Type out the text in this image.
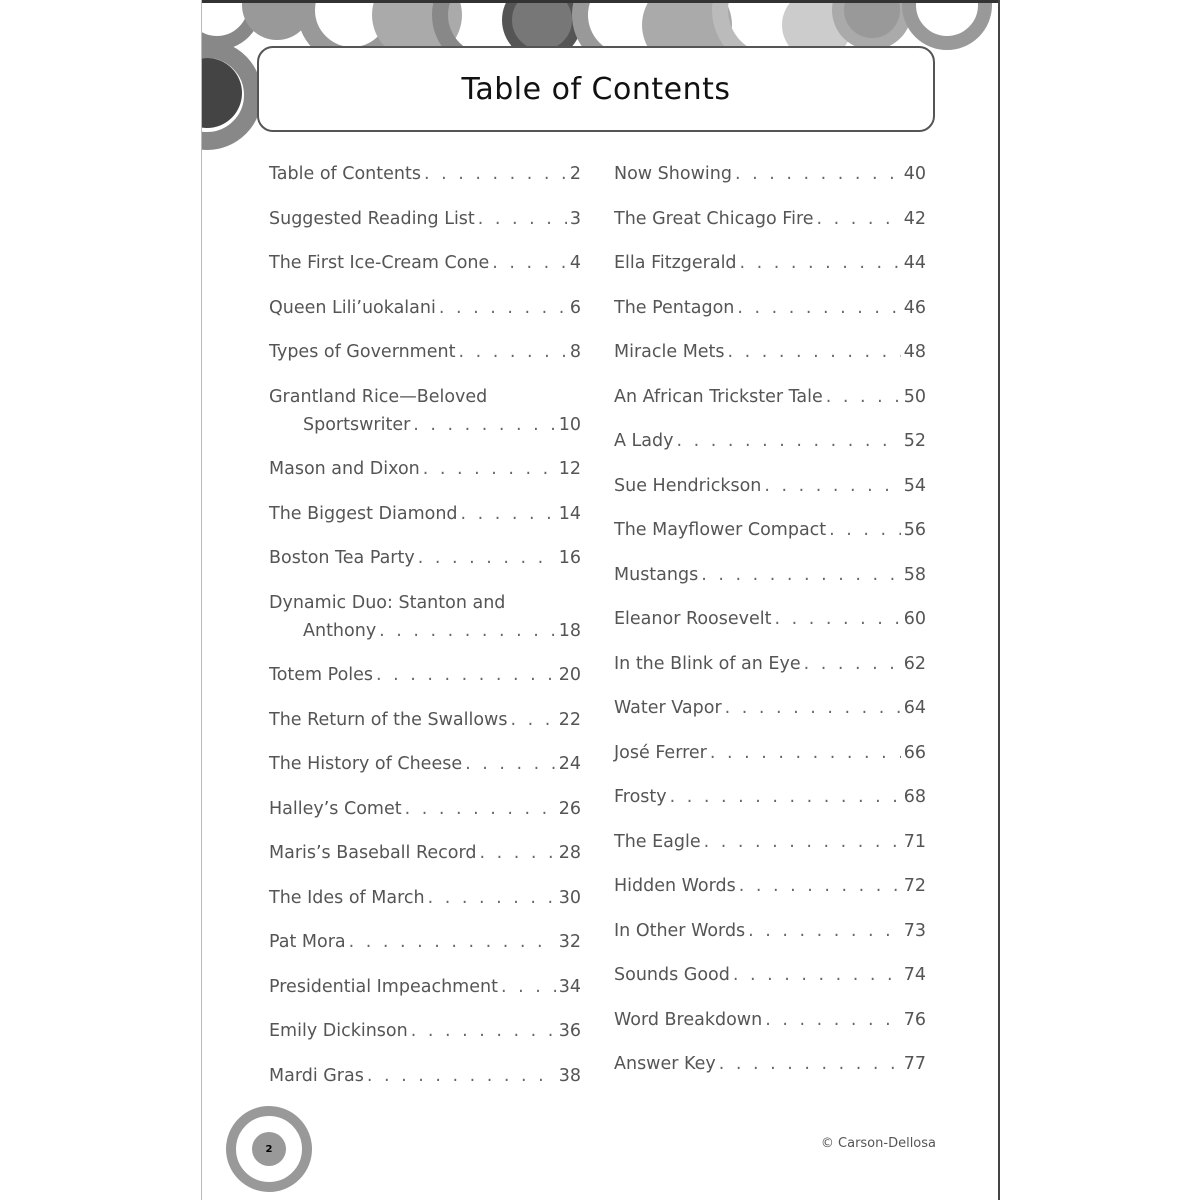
Table of Contents
Table of Contents . . .	2
Suggested Reading List . . .	3
The First Ice-Cream Cone . . .	4
Queen Lili’uokalani . . .	6
Types of Government . . .	8
Grantland Rice—Beloved
Sportswriter . . .	10
Mason and Dixon . . .	12
The Biggest Diamond . . .	14
Boston Tea Party . . .	16
Dynamic Duo: Stanton and
Anthony . . .	18
Totem Poles . . .	20
The Return of the Swallows . . .	22
The History of Cheese . . .	24
Halley’s Comet . . .	26
Maris’s Baseball Record . . .	28
The Ides of March . . .	30
Pat Mora . . .	32
Presidential Impeachment . . .	34
Emily Dickinson . . .	36
Mardi Gras . . .	38
Now Showing . . .	40
The Great Chicago Fire . . .	42
Ella Fitzgerald . . .	44
The Pentagon . . .	46
Miracle Mets . . .	48
An African Trickster Tale . . .	50
A Lady . . .	52
Sue Hendrickson . . .	54
The Mayflower Compact . . .	56
Mustangs . . .	58
Eleanor Roosevelt . . .	60
In the Blink of an Eye . . .	62
Water Vapor . . .	64
José Ferrer . . .	66
Frosty . . .	68
The Eagle . . .	71
Hidden Words . . .	72
In Other Words . . .	73
Sounds Good . . .	74
Word Breakdown . . .	76
Answer Key . . .	77
2	© Carson-Dellosa
